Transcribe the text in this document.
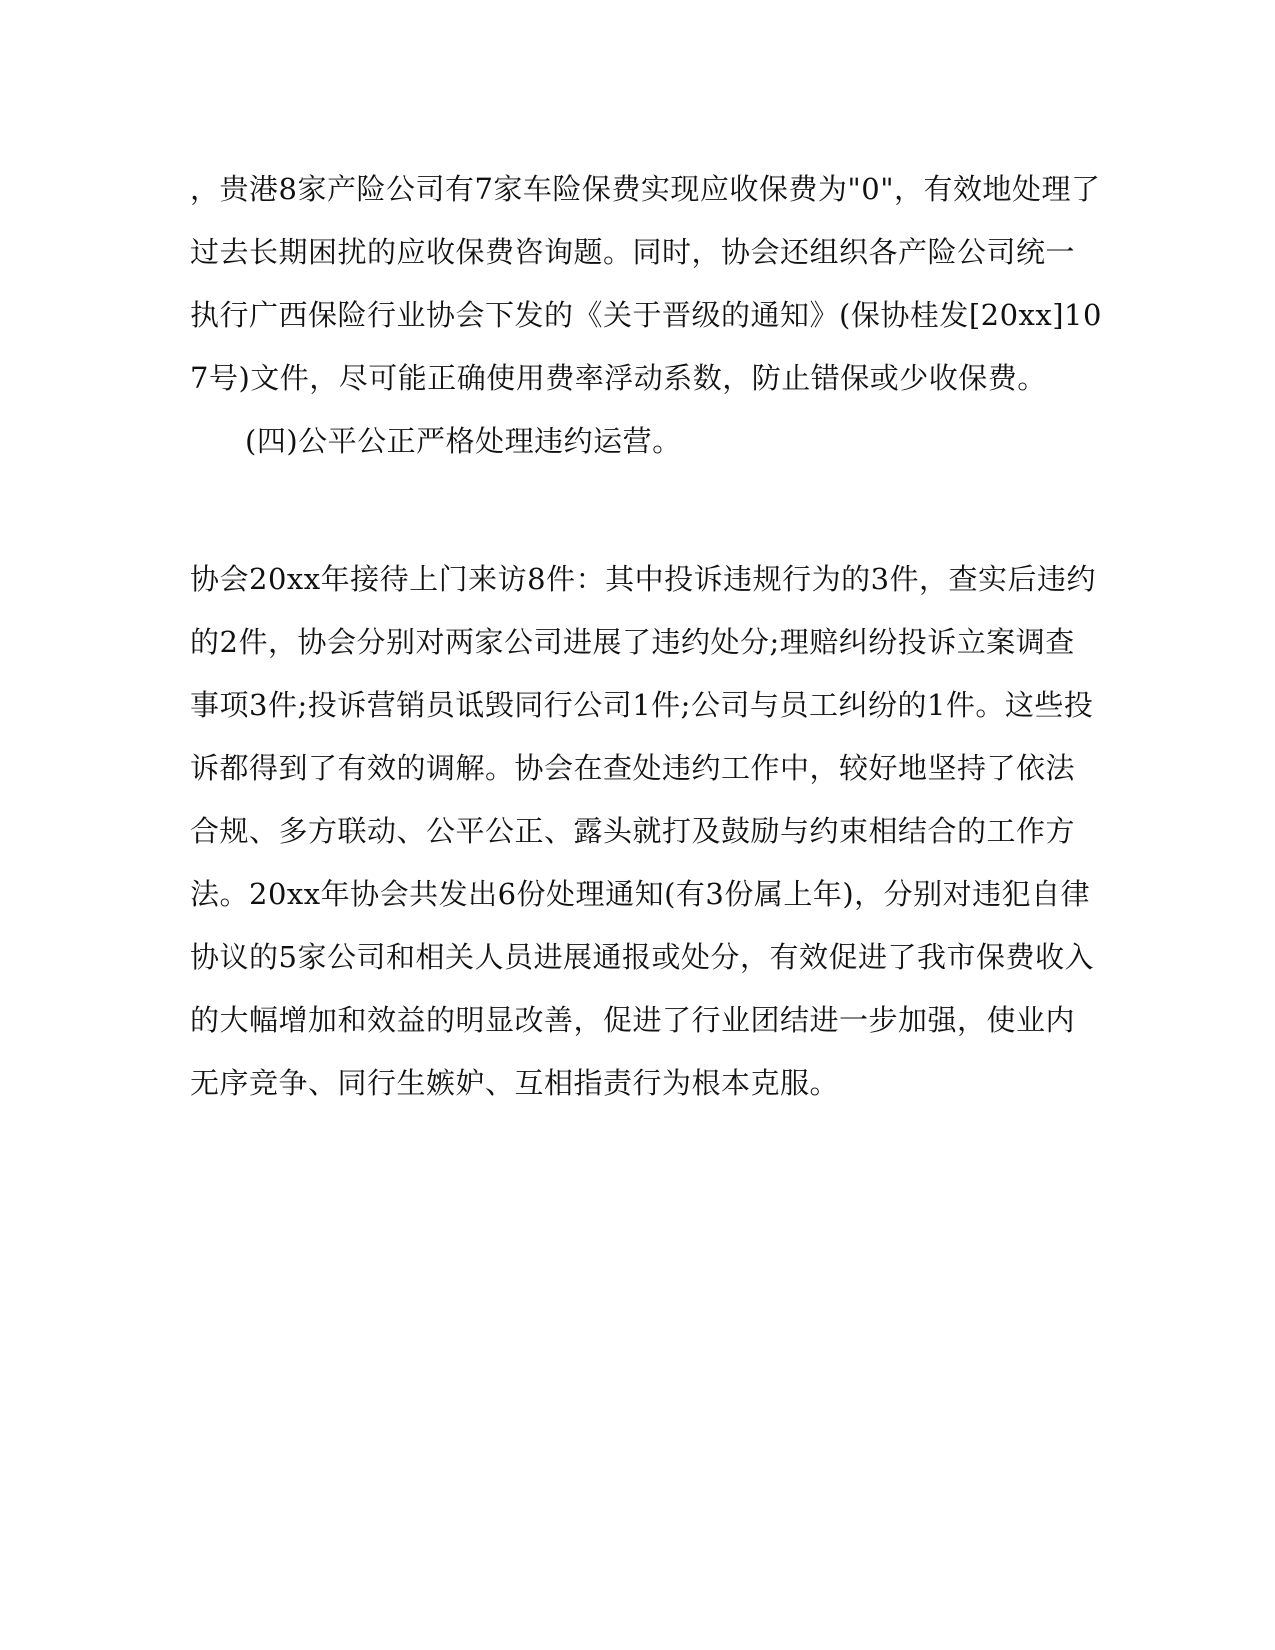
，贵港8家产险公司有7家车险保费实现应收保费为"0"，有效地处理了
过去长期困扰的应收保费咨询题。同时，协会还组织各产险公司统一
执行广西保险行业协会下发的《关于晋级的通知》(保协桂发[20xx]10
7号)文件，尽可能正确使用费率浮动系数，防止错保或少收保费。
(四)公平公正严格处理违约运营。
协会20xx年接待上门来访8件：其中投诉违规行为的3件，查实后违约
的2件，协会分别对两家公司进展了违约处分;理赔纠纷投诉立案调查
事项3件;投诉营销员诋毁同行公司1件;公司与员工纠纷的1件。这些投
诉都得到了有效的调解。协会在查处违约工作中，较好地坚持了依法
合规、多方联动、公平公正、露头就打及鼓励与约束相结合的工作方
法。20xx年协会共发出6份处理通知(有3份属上年)，分别对违犯自律
协议的5家公司和相关人员进展通报或处分，有效促进了我市保费收入
的大幅增加和效益的明显改善，促进了行业团结进一步加强，使业内
无序竞争、同行生嫉妒、互相指责行为根本克服。
